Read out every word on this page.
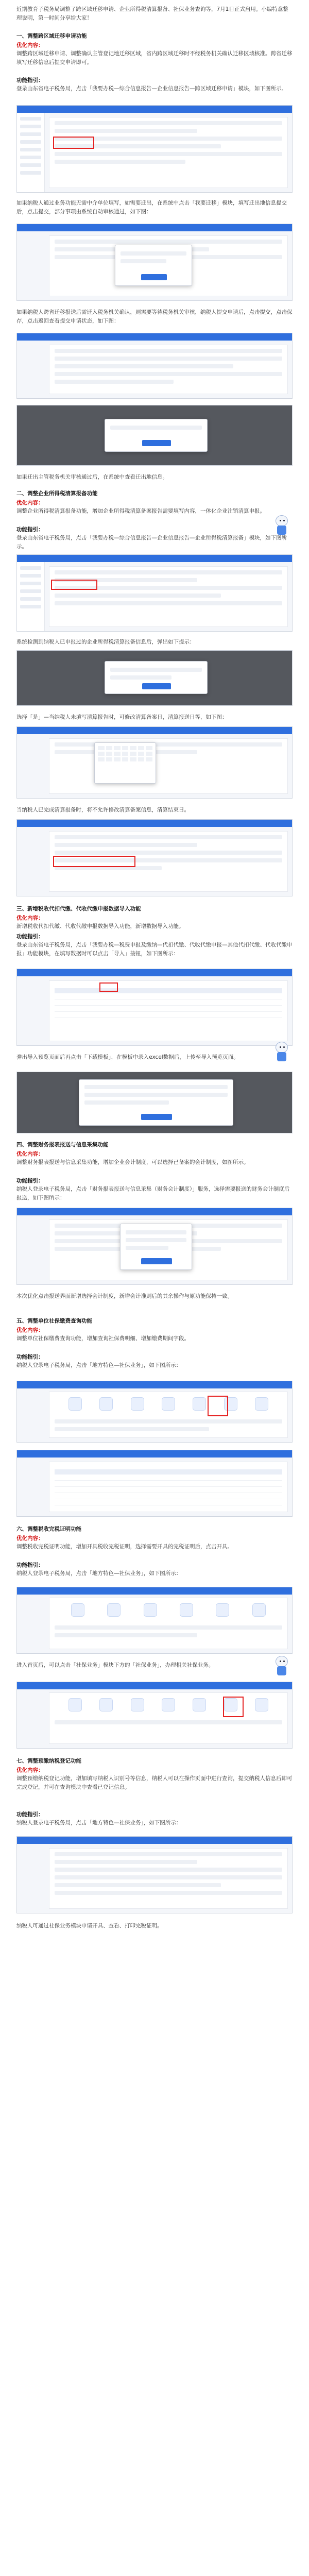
近期教育子税务局调整了跨区域迁移申请、企业所得税清算报备、社保业务查询等，7月1日正式启用。小编特意整理说明，第一时间分享给大家！

一、调整跨区域迁移申请功能

优化内容：

调整跨区域迁移申请、调整确认主管登记地迁移区域，省内跨区域迁移时不经税务机关确认迁移区域核准。跨省迁移填写迁移信息后提交申请即可。

功能指引：

登录山东省电子税务局，点击「我要办税—综合信息报告—企业信息报告—跨区域迁移申请」模块，如下图所示。

如果纳税人通过业务功能无需中介单位填写，如需要迁出，在系统中点击「我要迁移」模块，填写迁出地信息提交后，点击提交，部分事项由系统自动审核通过，如下图：

如果纳税人跨省迁移报送后需迁入税务机关确认，则需要等待税务机关审核，纳税人提交申请后，点击提交，点击保存，点击返回查看提交申请状态，如下图：

如果迁出主管税务机关审核通过后，在系统中查看迁出地信息。

二、调整企业所得税清算报备功能

优化内容：

调整企业所得税清算报备功能，增加企业所得税清算备案报告需要填写内容，一体化企业注销清算申报。

功能指引：

登录山东省电子税务局，点击「我要办税—综合信息报告—企业信息报告—企业所得税清算报备」模块，如下图所示。

系统检测到纳税人已申报过的企业所得税清算报备信息后，弹出如下提示：

选择「是」—当纳税人未填写清算报告时，可修改清算备案日，清算报送日等，如下图：

当纳税人已完成清算报备时，将不允许修改清算备案信息，清算结束日。

三、新增税收代扣代缴、代收代缴申报数据导入功能

优化内容：

新增税收代扣代缴、代收代缴申报数据导入功能，新增数据导入功能。

功能指引：

登录山东省电子税务局，点击「我要办税—税费申报及缴纳—代扣代缴、代收代缴申报—其他代扣代缴、代收代缴申报」功能模块，在填写数据时可以点击「导入」按钮，如下图所示：

弹出导入预览页面后再点击「下载模板」，在模板中录入excel数据后，上传至导入预览页面。

四、调整财务报表报送与信息采集功能

优化内容：

调整财务报表报送与信息采集功能，增加企业会计制度，可以选择已备案的会计制度，如图所示。

功能指引：

纳税人登录电子税务局，点击「财务报表报送与信息采集（财务会计制度）」服务，选择需要报送的财务会计制度后报送，如下图所示：

本次优化点击报送界面新增选择会计制度，新增会计准则后的其余操作与原功能保持一致。

五、调整单位社保缴费查询功能

优化内容：

调整单位社保缴费查询功能，增加查询社保费明细、增加缴费期间字段。

功能指引：

纳税人登录电子税务局，点击「地方特色—社保业务」，如下图所示：

六、调整税收完税证明功能

优化内容：

调整税收完税证明功能，增加开具税收完税证明，选择需要开具的完税证明后，点击开具。

功能指引：

纳税人登录电子税务局，点击「地方特色—社保业务」，如下图所示：

进入首页后，可以点击「社保业务」模块下方的「社保业务」，办理相关社保业务。

七、调整预缴纳税登记功能

优化内容：

调整预缴纳税登记功能，增加填写纳税人识别号等信息，纳税人可以在操作页面中进行查询，提交纳税人信息后即可完成登记，并可在查询模块中查看已登记信息。

功能指引：

纳税人登录电子税务局，点击「地方特色—社保业务」，如下图所示：

纳税人可通过社保业务模块申请开具、查看、打印完税证明。
